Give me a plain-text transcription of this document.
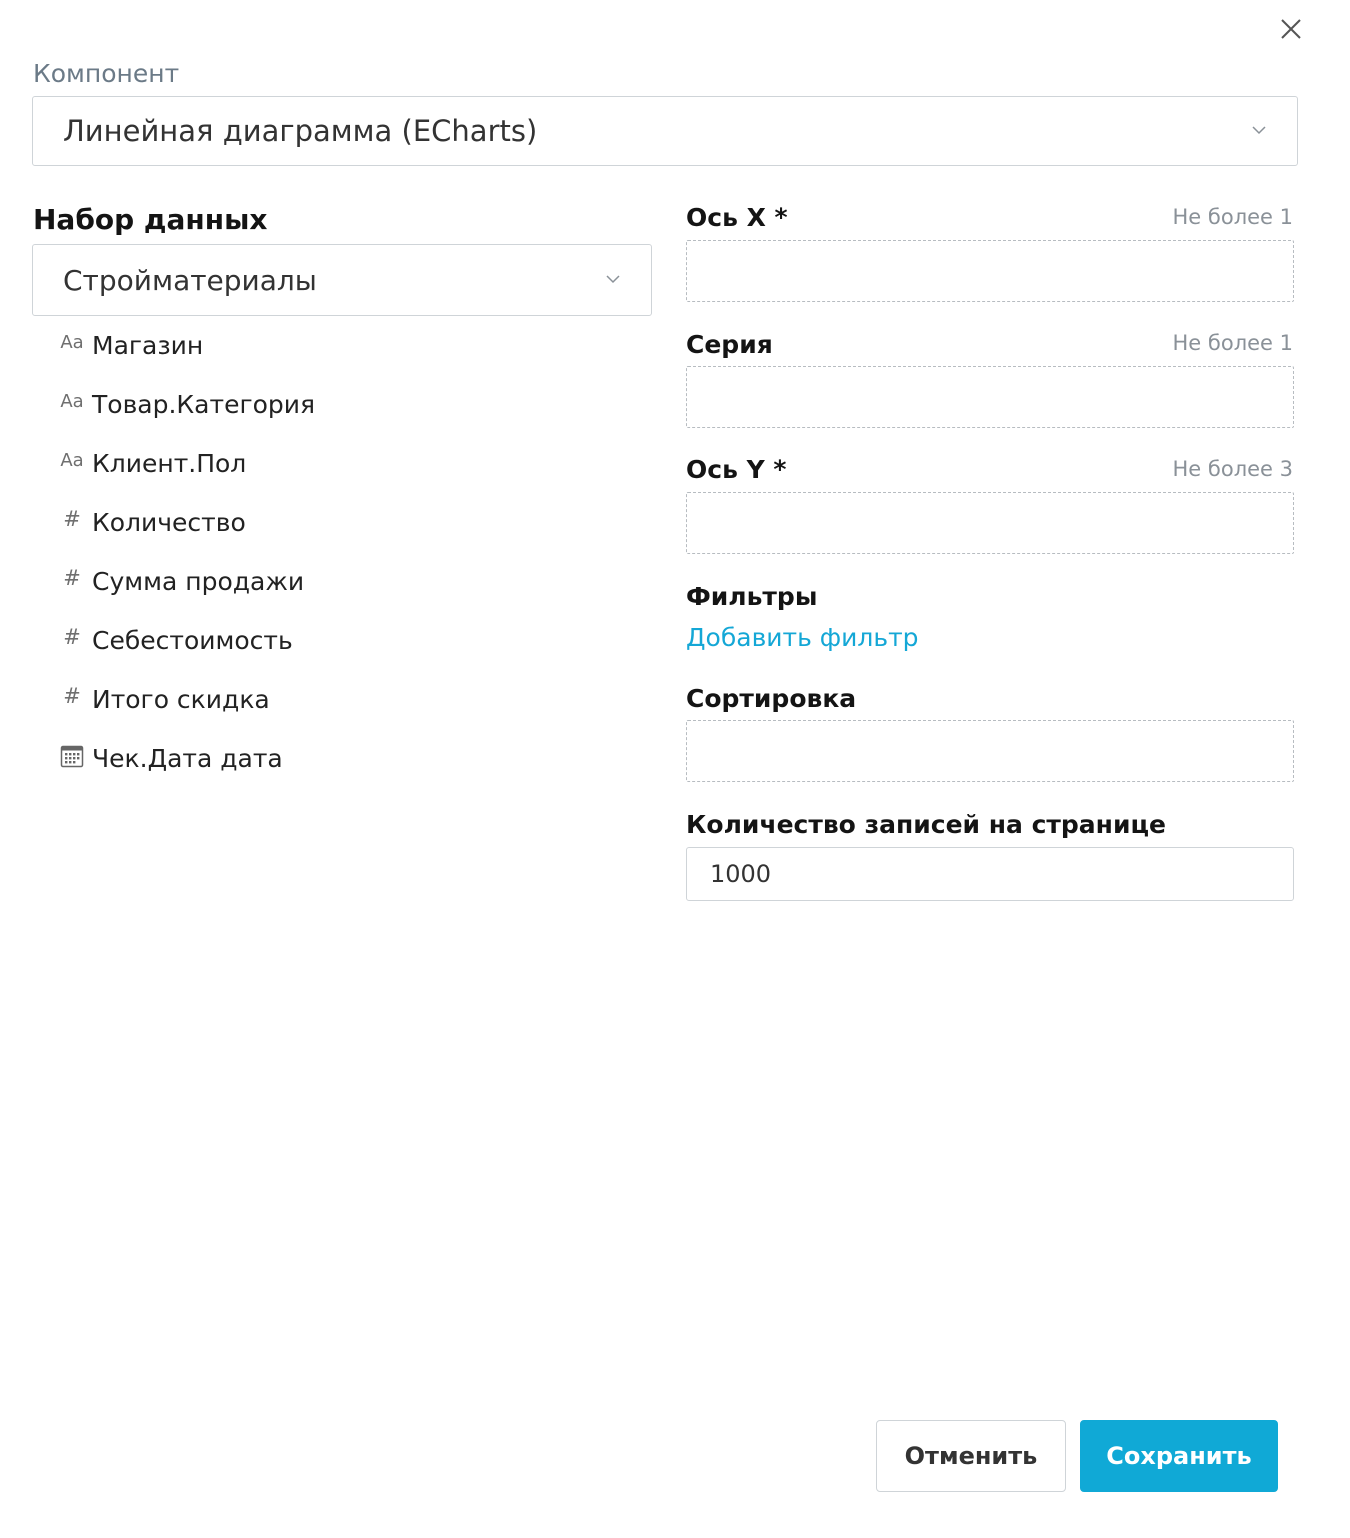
Компонент
Линейная диаграмма (ECharts)
Набор данных
Стройматериалы
Aa Магазин
Aa Товар.Категория
Aa Клиент.Пол
# Количество
# Сумма продажи
# Себестоимость
# Итого скидка
Чек.Дата дата
Ось X *	Не более 1
Серия	Не более 1
Ось Y *	Не более 3
Фильтры
Добавить фильтр
Сортировка
Количество записей на странице
1000
Отменить	Сохранить
